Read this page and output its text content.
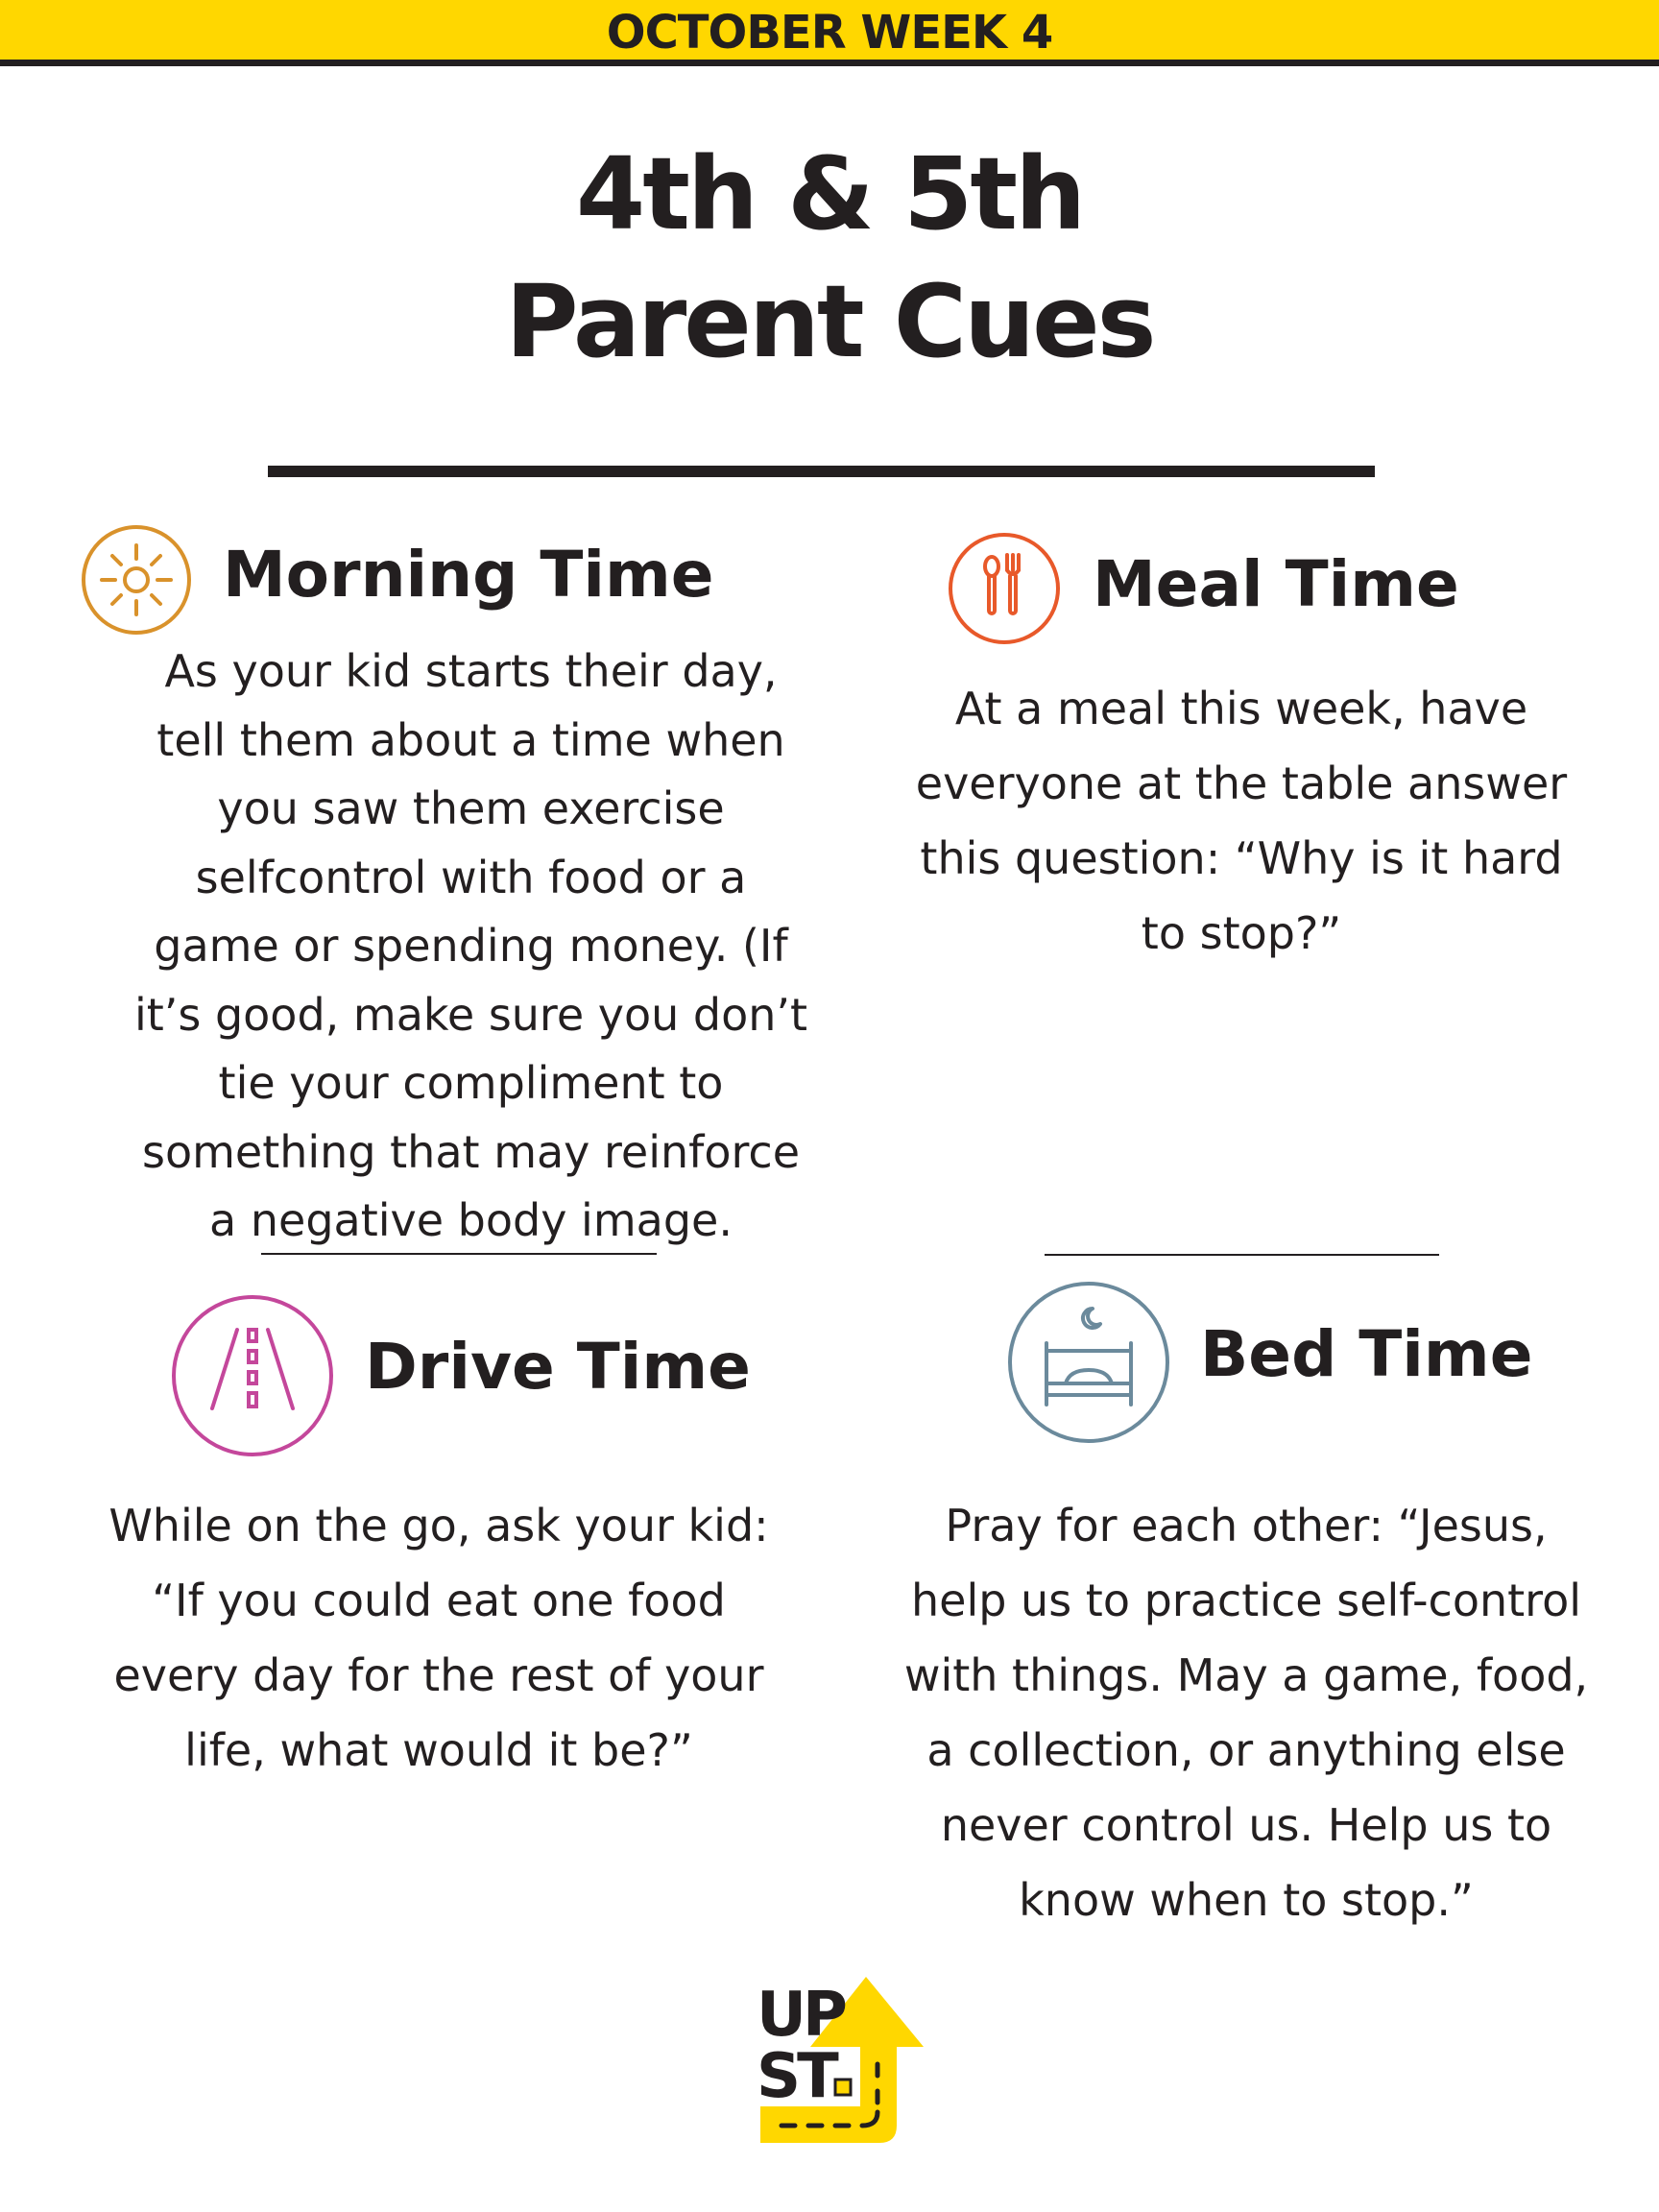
OCTOBER WEEK 4
4th & 5th
Parent Cues
Morning Time
As your kid starts their day, tell them about a time when you saw them exercise selfcontrol with food or a game or spending money. (If it’s good, make sure you don’t tie your compliment to something that may reinforce a negative body image.
Meal Time
At a meal this week, have everyone at the table answer this question: “Why is it hard to stop?”
Drive Time
While on the go, ask your kid: “If you could eat one food every day for the rest of your life, what would it be?”
Bed Time
Pray for each other: “Jesus, help us to practice self-control with things. May a game, food, a collection, or anything else never control us. Help us to know when to stop.”
UP
ST
